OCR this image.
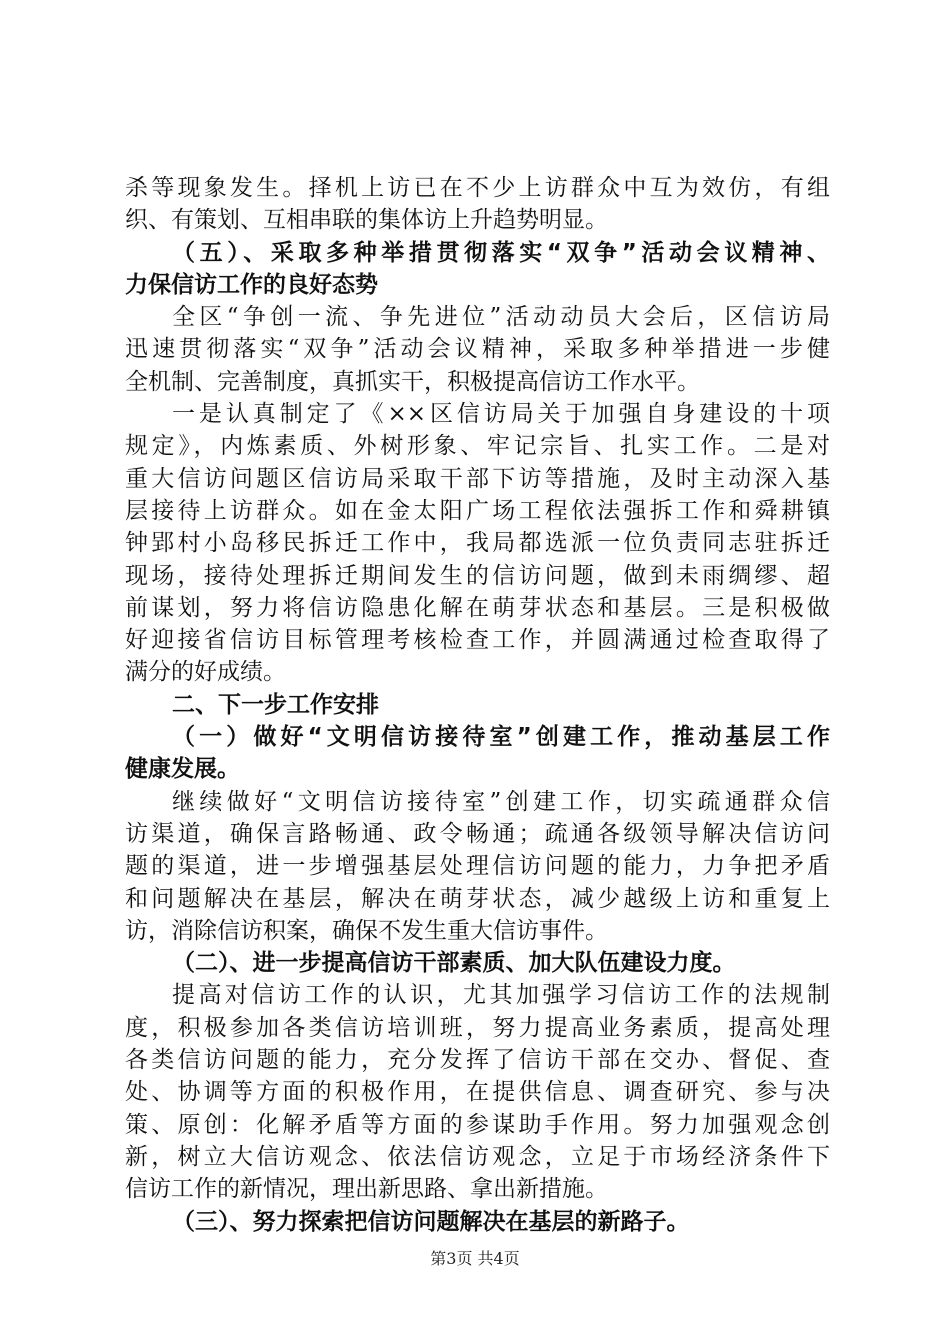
杀等现象发生。择机上访已在不少上访群众中互为效仿，有组
织、有策划、互相串联的集体访上升趋势明显。
（五）、采取多种举措贯彻落实“双争”活动会议精神、
力保信访工作的良好态势
全区“争创一流、争先进位”活动动员大会后，区信访局
迅速贯彻落实“双争”活动会议精神，采取多种举措进一步健
全机制、完善制度，真抓实干，积极提高信访工作水平。
一是认真制定了《××区信访局关于加强自身建设的十项
规定》，内炼素质、外树形象、牢记宗旨、扎实工作。二是对
重大信访问题区信访局采取干部下访等措施，及时主动深入基
层接待上访群众。如在金太阳广场工程依法强拆工作和舜耕镇
钟郢村小岛移民拆迁工作中，我局都选派一位负责同志驻拆迁
现场，接待处理拆迁期间发生的信访问题，做到未雨绸缪、超
前谋划，努力将信访隐患化解在萌芽状态和基层。三是积极做
好迎接省信访目标管理考核检查工作，并圆满通过检查取得了
满分的好成绩。
二、下一步工作安排
（一）做好“文明信访接待室”创建工作，推动基层工作
健康发展。
继续做好“文明信访接待室”创建工作，切实疏通群众信
访渠道，确保言路畅通、政令畅通；疏通各级领导解决信访问
题的渠道，进一步增强基层处理信访问题的能力，力争把矛盾
和问题解决在基层，解决在萌芽状态，减少越级上访和重复上
访，消除信访积案，确保不发生重大信访事件。
（二）、进一步提高信访干部素质、加大队伍建设力度。
提高对信访工作的认识，尤其加强学习信访工作的法规制
度，积极参加各类信访培训班，努力提高业务素质，提高处理
各类信访问题的能力，充分发挥了信访干部在交办、督促、查
处、协调等方面的积极作用，在提供信息、调查研究、参与决
策、原创：化解矛盾等方面的参谋助手作用。努力加强观念创
新，树立大信访观念、依法信访观念，立足于市场经济条件下
信访工作的新情况，理出新思路、拿出新措施。
（三）、努力探索把信访问题解决在基层的新路子。
第3页 共4页
